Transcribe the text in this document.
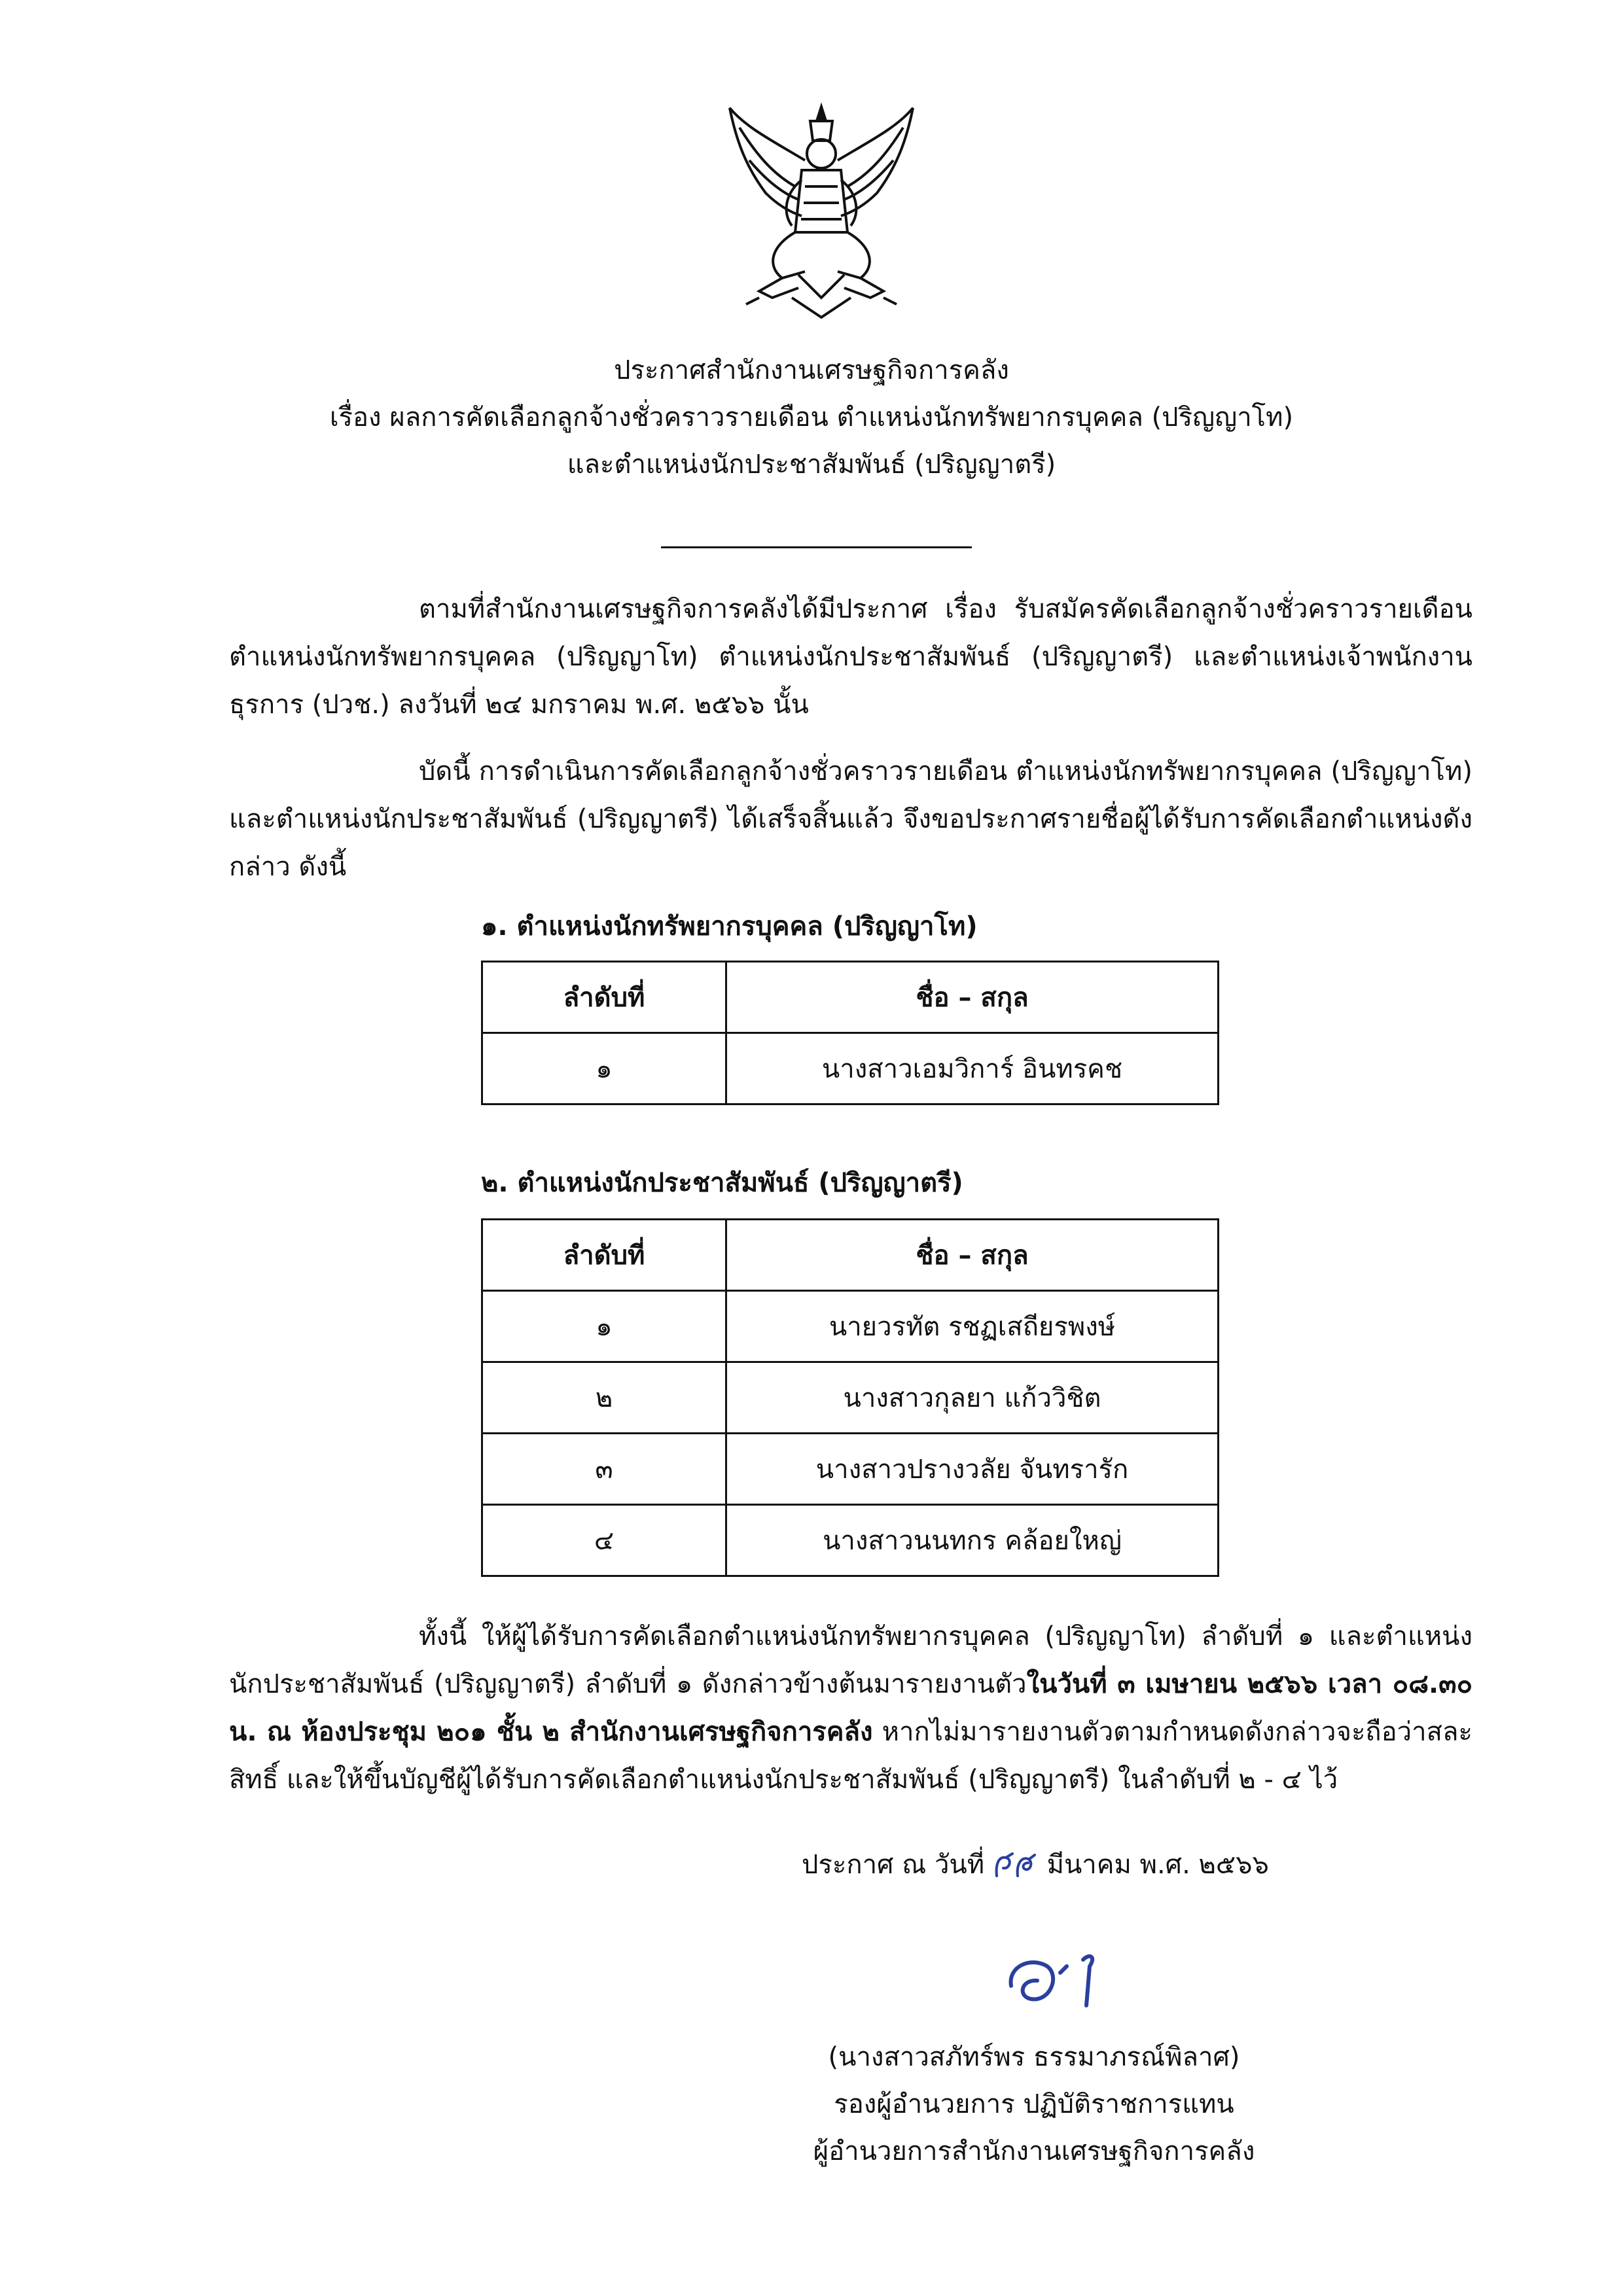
ประกาศสำนักงานเศรษฐกิจการคลัง
เรื่อง ผลการคัดเลือกลูกจ้างชั่วคราวรายเดือน ตำแหน่งนักทรัพยากรบุคคล (ปริญญาโท)
และตำแหน่งนักประชาสัมพันธ์ (ปริญญาตรี)
ตามที่สำนักงานเศรษฐกิจการคลังได้มีประกาศ เรื่อง รับสมัครคัดเลือกลูกจ้างชั่วคราวรายเดือน ตำแหน่งนักทรัพยากรบุคคล (ปริญญาโท) ตำแหน่งนักประชาสัมพันธ์ (ปริญญาตรี) และตำแหน่งเจ้าพนักงานธุรการ (ปวช.) ลงวันที่ ๒๔ มกราคม พ.ศ. ๒๕๖๖ นั้น
บัดนี้ การดำเนินการคัดเลือกลูกจ้างชั่วคราวรายเดือน ตำแหน่งนักทรัพยากรบุคคล (ปริญญาโท) และตำแหน่งนักประชาสัมพันธ์ (ปริญญาตรี) ได้เสร็จสิ้นแล้ว จึงขอประกาศรายชื่อผู้ได้รับการคัดเลือกตำแหน่งดังกล่าว ดังนี้
๑. ตำแหน่งนักทรัพยากรบุคคล (ปริญญาโท)
ลำดับที่	ชื่อ – สกุล
๑	นางสาวเอมวิการ์ อินทรคช
๒. ตำแหน่งนักประชาสัมพันธ์ (ปริญญาตรี)
ลำดับที่	ชื่อ – สกุล
๑	นายวรทัต รชฏเสถียรพงษ์
๒	นางสาวกุลยา แก้ววิชิต
๓	นางสาวปรางวลัย จันทรารัก
๔	นางสาวนนทกร คล้อยใหญ่
ทั้งนี้ ให้ผู้ได้รับการคัดเลือกตำแหน่งนักทรัพยากรบุคคล (ปริญญาโท) ลำดับที่ ๑ และตำแหน่งนักประชาสัมพันธ์ (ปริญญาตรี) ลำดับที่ ๑ ดังกล่าวข้างต้นมารายงานตัวในวันที่ ๓ เมษายน ๒๕๖๖ เวลา ๐๘.๓๐ น. ณ ห้องประชุม ๒๐๑ ชั้น ๒ สำนักงานเศรษฐกิจการคลัง หากไม่มารายงานตัวตามกำหนดดังกล่าวจะถือว่าสละสิทธิ์ และให้ขึ้นบัญชีผู้ได้รับการคัดเลือกตำแหน่งนักประชาสัมพันธ์ (ปริญญาตรี) ในลำดับที่ ๒ - ๔ ไว้
ประกาศ ณ วันที่ มีนาคม พ.ศ. ๒๕๖๖
(นางสาวสภัทร์พร ธรรมาภรณ์พิลาศ)
รองผู้อำนวยการ ปฏิบัติราชการแทน
ผู้อำนวยการสำนักงานเศรษฐกิจการคลัง
